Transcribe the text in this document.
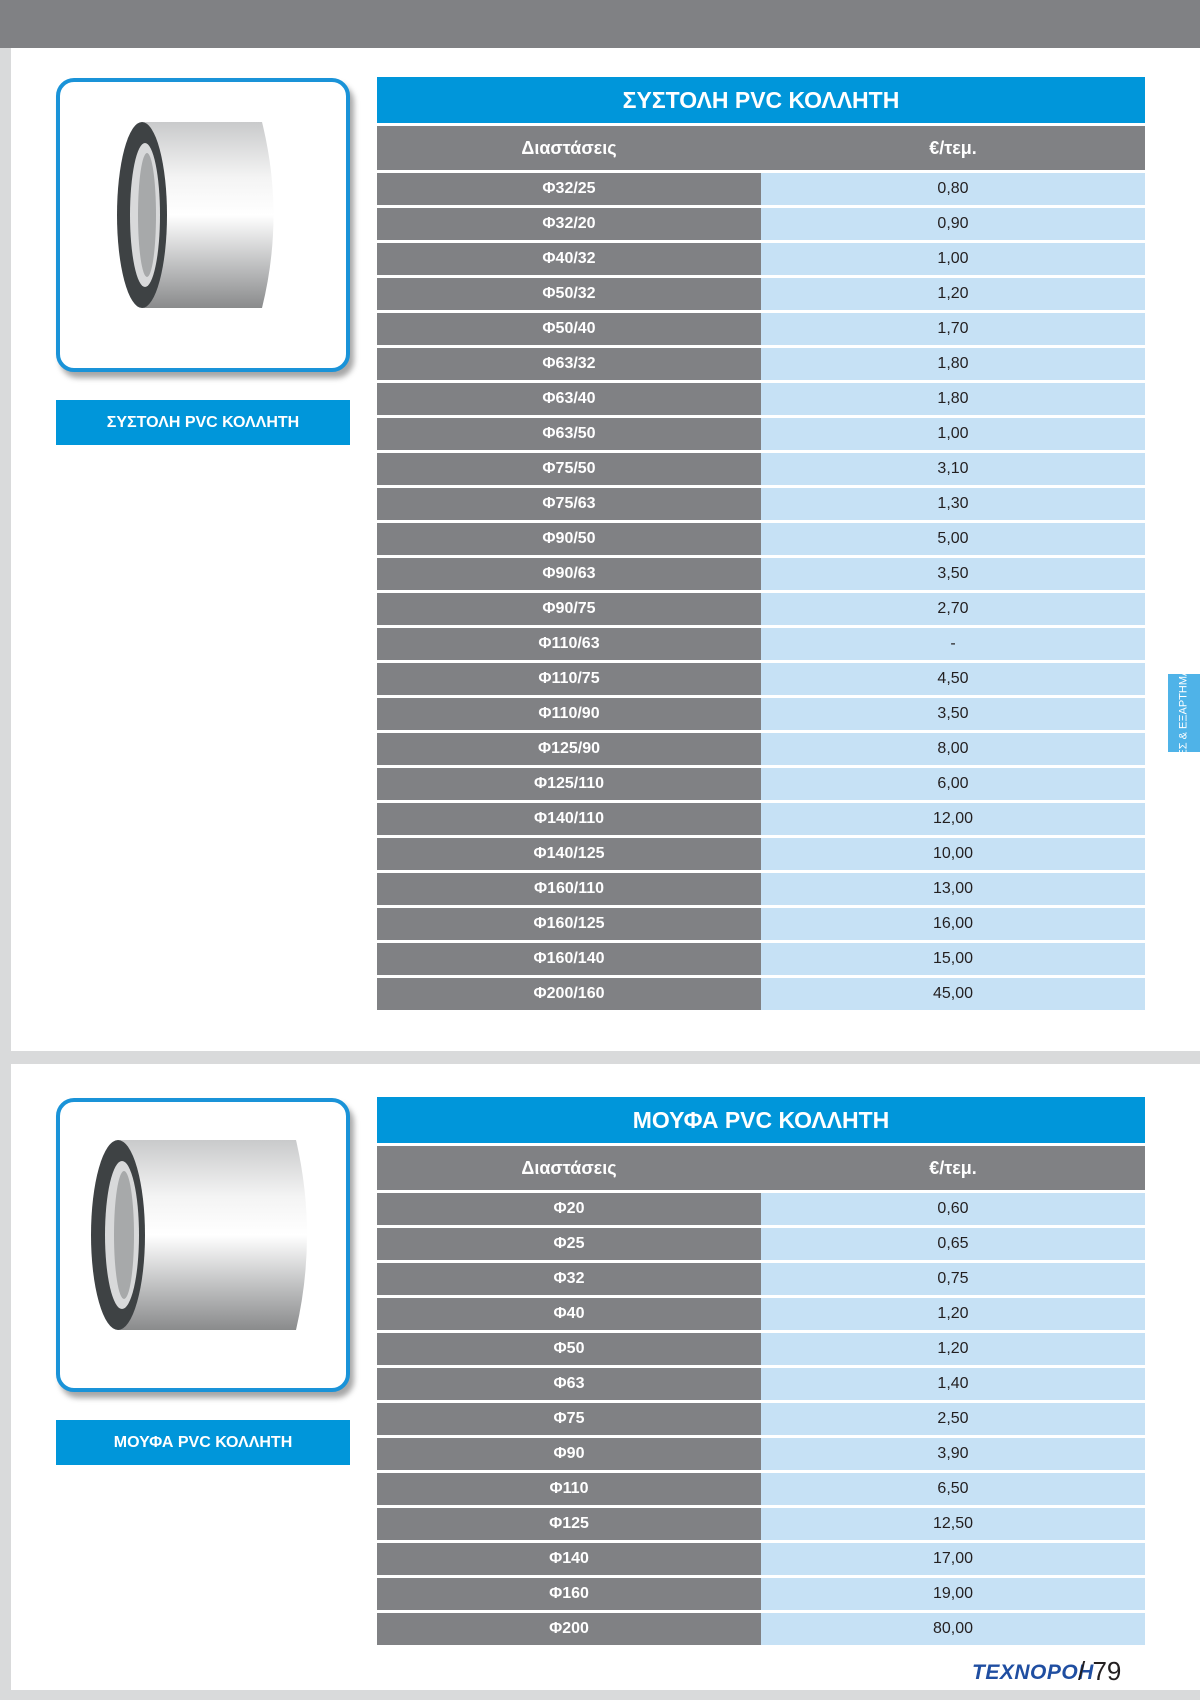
ΣΥΣΤΟΛΗ PVC ΚΟΛΛΗΤΗ
ΣΥΣΤΟΛΗ PVC ΚΟΛΛΗΤΗ
Διαστάσεις	€/τεμ.
Φ32/25	0,80
Φ32/20	0,90
Φ40/32	1,00
Φ50/32	1,20
Φ50/40	1,70
Φ63/32	1,80
Φ63/40	1,80
Φ63/50	1,00
Φ75/50	3,10
Φ75/63	1,30
Φ90/50	5,00
Φ90/63	3,50
Φ90/75	2,70
Φ110/63	-
Φ110/75	4,50
Φ110/90	3,50
Φ125/90	8,00
Φ125/110	6,00
Φ140/110	12,00
Φ140/125	10,00
Φ160/110	13,00
Φ160/125	16,00
Φ160/140	15,00
Φ200/160	45,00
ΜΟΥΦΑ PVC ΚΟΛΛΗΤΗ
ΜΟΥΦΑ PVC ΚΟΛΛΗΤΗ
Διαστάσεις	€/τεμ.
Φ20	0,60
Φ25	0,65
Φ32	0,75
Φ40	1,20
Φ50	1,20
Φ63	1,40
Φ75	2,50
Φ90	3,90
Φ110	6,50
Φ125	12,50
Φ140	17,00
Φ160	19,00
Φ200	80,00
ΣΩΛΗΝΕΣ & ΕΞΑΡΤΗΜΑΤΑ PVC
ΤΕΧΝΟΡΟΗ
/ 79
